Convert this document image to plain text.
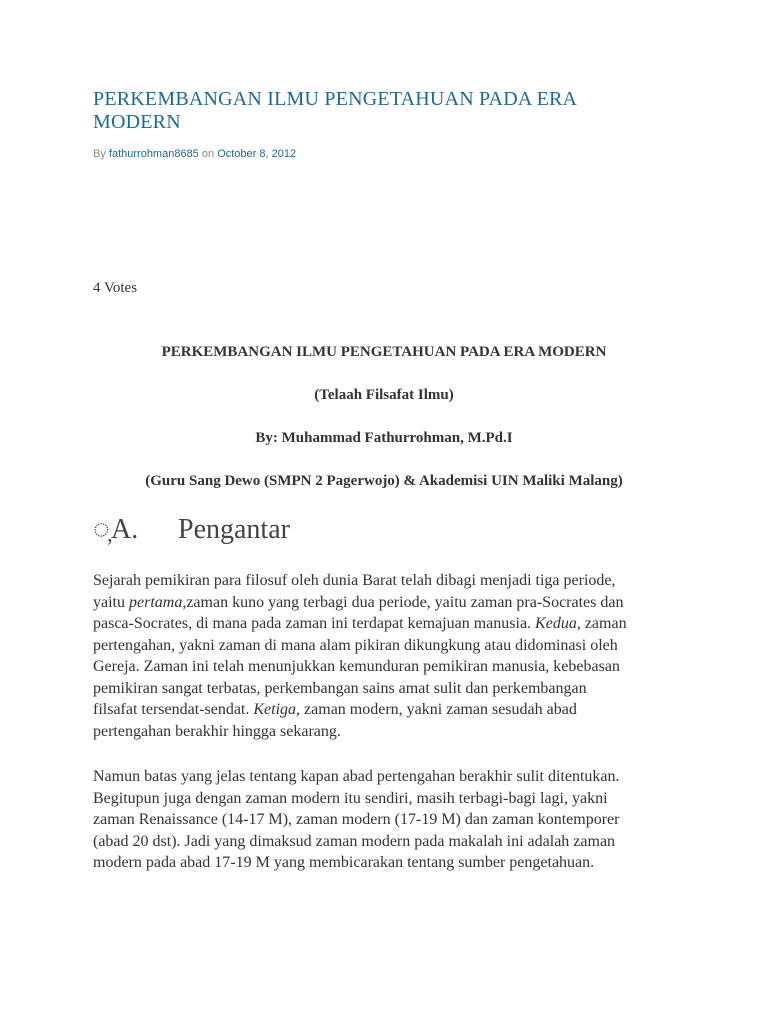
PERKEMBANGAN ILMU PENGETAHUAN PADA ERA MODERN
By fathurrohman8685 on October 8, 2012
4 Votes
PERKEMBANGAN ILMU PENGETAHUAN PADA ERA MODERN
(Telaah Filsafat Ilmu)
By: Muhammad Fathurrohman, M.Pd.I
(Guru Sang Dewo (SMPN 2 Pagerwojo) & Akademisi UIN Maliki Malang)
◌̦A. Pengantar
Sejarah pemikiran para filosuf oleh dunia Barat telah dibagi menjadi tiga periode,
yaitu pertama,zaman kuno yang terbagi dua periode, yaitu zaman pra-Socrates dan
pasca-Socrates, di mana pada zaman ini terdapat kemajuan manusia. Kedua, zaman
pertengahan, yakni zaman di mana alam pikiran dikungkung atau didominasi oleh
Gereja. Zaman ini telah menunjukkan kemunduran pemikiran manusia, kebebasan
pemikiran sangat terbatas, perkembangan sains amat sulit dan perkembangan
filsafat tersendat-sendat. Ketiga, zaman modern, yakni zaman sesudah abad
pertengahan berakhir hingga sekarang.
Namun batas yang jelas tentang kapan abad pertengahan berakhir sulit ditentukan.
Begitupun juga dengan zaman modern itu sendiri, masih terbagi-bagi lagi, yakni
zaman Renaissance (14-17 M), zaman modern (17-19 M) dan zaman kontemporer
(abad 20 dst). Jadi yang dimaksud zaman modern pada makalah ini adalah zaman
modern pada abad 17-19 M yang membicarakan tentang sumber pengetahuan.
